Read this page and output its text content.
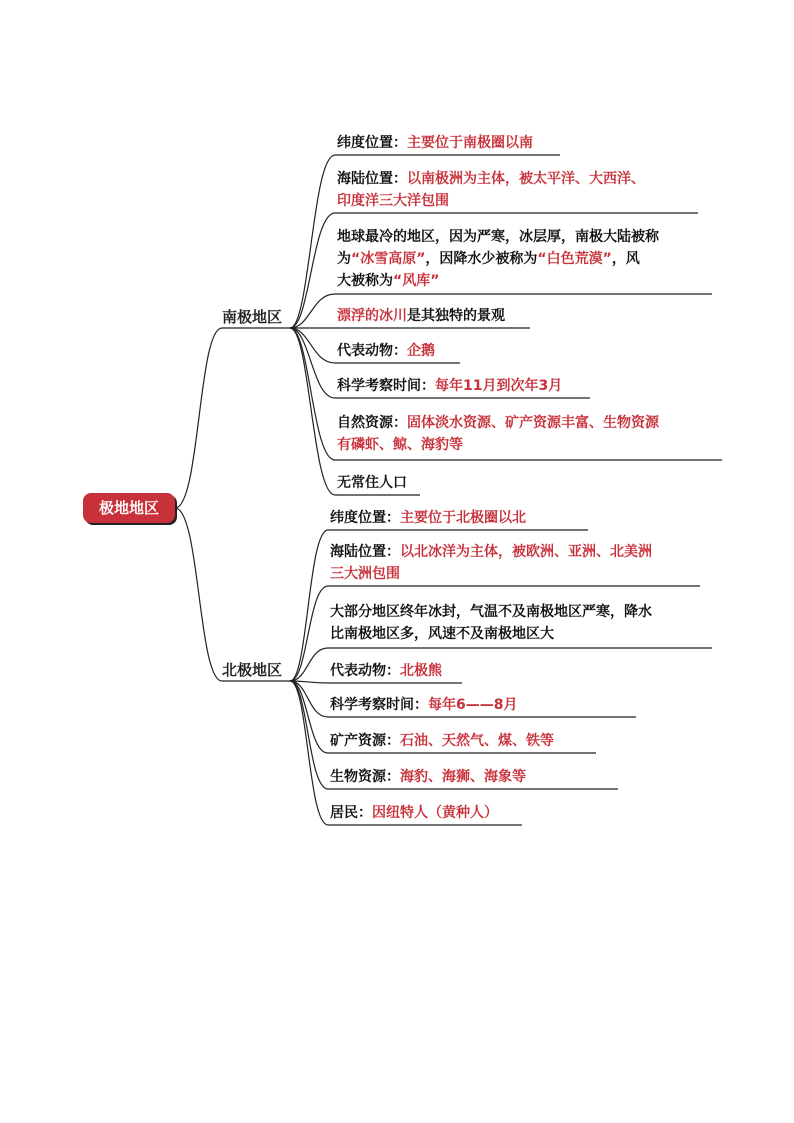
极地地区
南极地区
北极地区
纬度位置：主要位于南极圈以南
海陆位置：以南极洲为主体，被太平洋、大西洋、
印度洋三大洋包围
地球最冷的地区，因为严寒，冰层厚，南极大陆被称
为“冰雪高原”，因降水少被称为“白色荒漠”，风
大被称为“风库”
漂浮的冰川是其独特的景观
代表动物：企鹅
科学考察时间：每年11月到次年3月
自然资源：固体淡水资源、矿产资源丰富、生物资源
有磷虾、鲸、海豹等
无常住人口
纬度位置：主要位于北极圈以北
海陆位置：以北冰洋为主体，被欧洲、亚洲、北美洲
三大洲包围
大部分地区终年冰封，气温不及南极地区严寒，降水
比南极地区多，风速不及南极地区大
代表动物：北极熊
科学考察时间：每年6——8月
矿产资源：石油、天然气、煤、铁等
生物资源：海豹、海狮、海象等
居民：因纽特人（黄种人）
